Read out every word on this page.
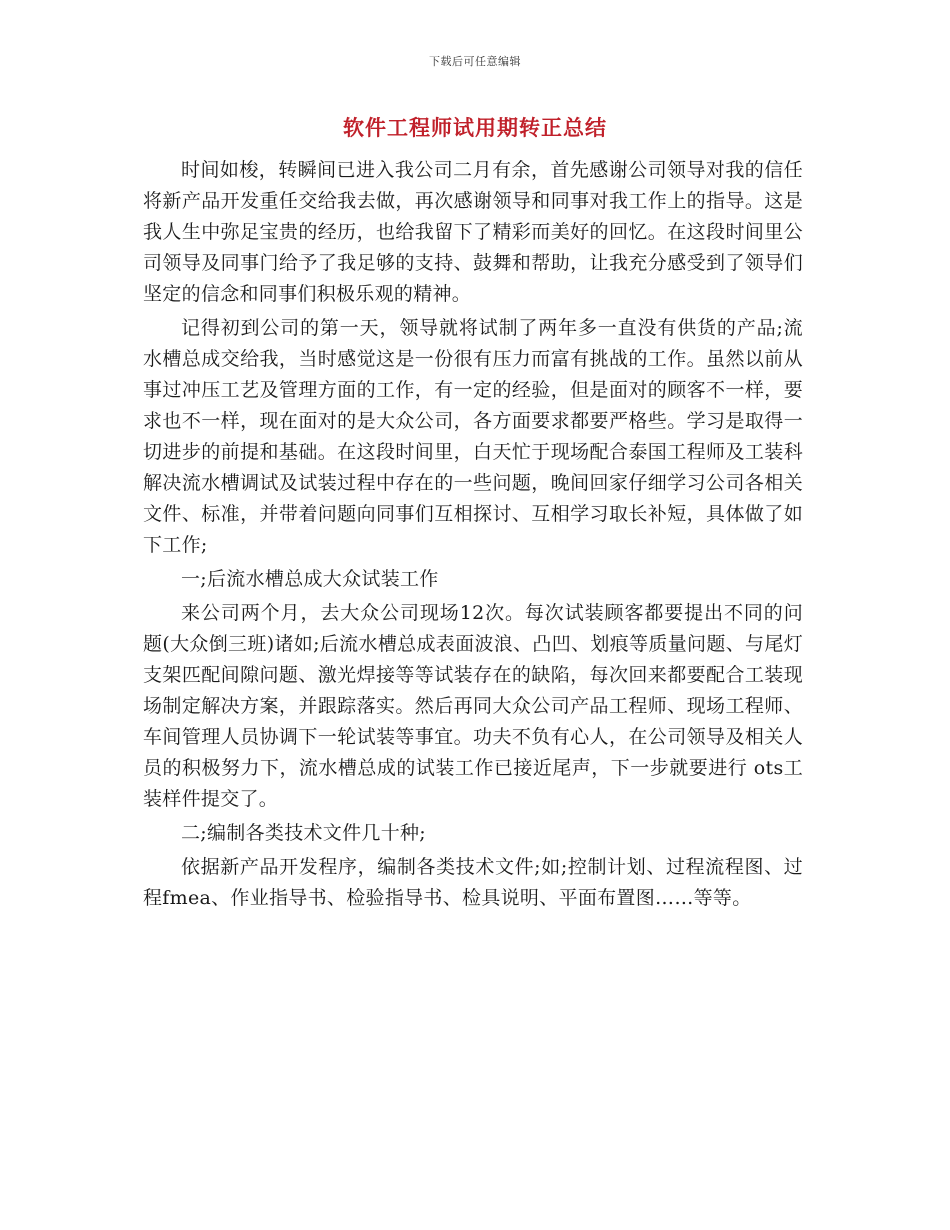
下载后可任意编辑
软件工程师试用期转正总结

时间如梭，转瞬间已进入我公司二月有余，首先感谢公司领导对我的信任将新产品开发重任交给我去做，再次感谢领导和同事对我工作上的指导。这是我人生中弥足宝贵的经历，也给我留下了精彩而美好的回忆。在这段时间里公司领导及同事门给予了我足够的支持、鼓舞和帮助，让我充分感受到了领导们坚定的信念和同事们积极乐观的精神。

记得初到公司的第一天，领导就将试制了两年多一直没有供货的产品;流水槽总成交给我，当时感觉这是一份很有压力而富有挑战的工作。虽然以前从事过冲压工艺及管理方面的工作，有一定的经验，但是面对的顾客不一样，要求也不一样，现在面对的是大众公司，各方面要求都要严格些。学习是取得一切进步的前提和基础。在这段时间里，白天忙于现场配合泰国工程师及工装科解决流水槽调试及试装过程中存在的一些问题，晚间回家仔细学习公司各相关文件、标准，并带着问题向同事们互相探讨、互相学习取长补短，具体做了如下工作;

一;后流水槽总成大众试装工作

来公司两个月，去大众公司现场12次。每次试装顾客都要提出不同的问题(大众倒三班)诸如;后流水槽总成表面波浪、凸凹、划痕等质量问题、与尾灯支架匹配间隙问题、激光焊接等等试装存在的缺陷，每次回来都要配合工装现场制定解决方案，并跟踪落实。然后再同大众公司产品工程师、现场工程师、车间管理人员协调下一轮试装等事宜。功夫不负有心人，在公司领导及相关人员的积极努力下，流水槽总成的试装工作已接近尾声，下一步就要进行 ots工装样件提交了。

二;编制各类技术文件几十种;

依据新产品开发程序，编制各类技术文件;如;控制计划、过程流程图、过程fmea、作业指导书、检验指导书、检具说明、平面布置图……等等。
